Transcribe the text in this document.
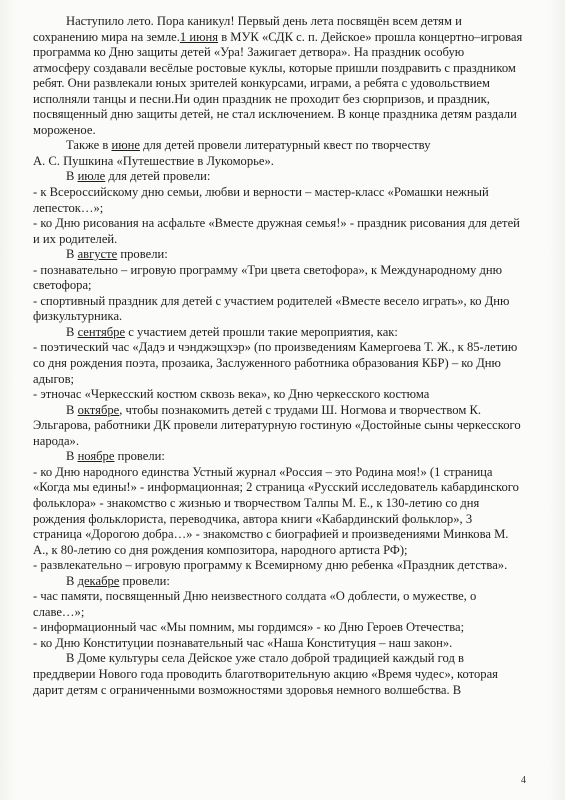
Наступило лето. Пора каникул! Первый день лета посвящён всем детям и сохранению мира на земле.1 июня в МУК «СДК с. п. Дейское» прошла концертно–игровая программа ко Дню защиты детей «Ура! Зажигает детвора». На праздник особую атмосферу создавали весёлые ростовые куклы, которые пришли поздравить с праздником ребят. Они развлекали юных зрителей конкурсами, играми, а ребята с удовольствием исполняли танцы и песни.Ни один праздник не проходит без сюрпризов, и праздник, посвященный дню защиты детей, не стал исключением. В конце праздника детям раздали мороженое.

Также в июне для детей провели литературный квест по творчеству

А. С. Пушкина «Путешествие в Лукоморье».

В июле для детей провели:

- к Всероссийскому дню семьи, любви и верности – мастер-класс «Ромашки нежный лепесток…»;

- ко Дню рисования на асфальте «Вместе дружная семья!» - праздник рисования для детей и их родителей.

В августе провели:

- познавательно – игровую программу «Три цвета светофора», к Международному дню светофора;

- спортивный праздник для детей с участием родителей «Вместе весело играть», ко Дню физкультурника.

В сентябре с участием детей прошли такие мероприятия, как:

- поэтический час «Дадэ и чэнджэщхэр» (по произведениям Камергоева Т. Ж., к 85-летию со дня рождения поэта, прозаика, Заслуженного работника образования КБР) – ко Дню адыгов;

- этночас «Черкесский костюм сквозь века», ко Дню черкесского костюма

В октябре, чтобы познакомить детей с трудами Ш. Ногмова и творчеством К. Эльгарова, работники ДК провели литературную гостиную «Достойные сыны черкесского народа».

В ноябре провели:

- ко Дню народного единства Устный журнал «Россия – это Родина моя!» (1 страница «Когда мы едины!» - информационная; 2 страница «Русский исследователь кабардинского фольклора» - знакомство с жизнью и творчеством Талпы М. Е., к 130-летию со дня рождения фольклориста, переводчика, автора книги «Кабардинский фольклор», 3 страница «Дорогою добра…» - знакомство с биографией и произведениями Минкова М. А., к 80-летию со дня рождения композитора, народного артиста РФ);

- развлекательно – игровую программу к Всемирному дню ребенка «Праздник детства».

В декабре провели:

- час памяти, посвященный Дню неизвестного солдата «О доблести, о мужестве, о славе…»;

- информационный час «Мы помним, мы гордимся» - ко Дню Героев Отечества;

- ко Дню Конституции познавательный час «Наша Конституция – наш закон».

В Доме культуры села Дейское уже стало доброй традицией каждый год в преддверии Нового года проводить благотворительную акцию «Время чудес», которая дарит детям с ограниченными возможностями здоровья немного волшебства. В

4
